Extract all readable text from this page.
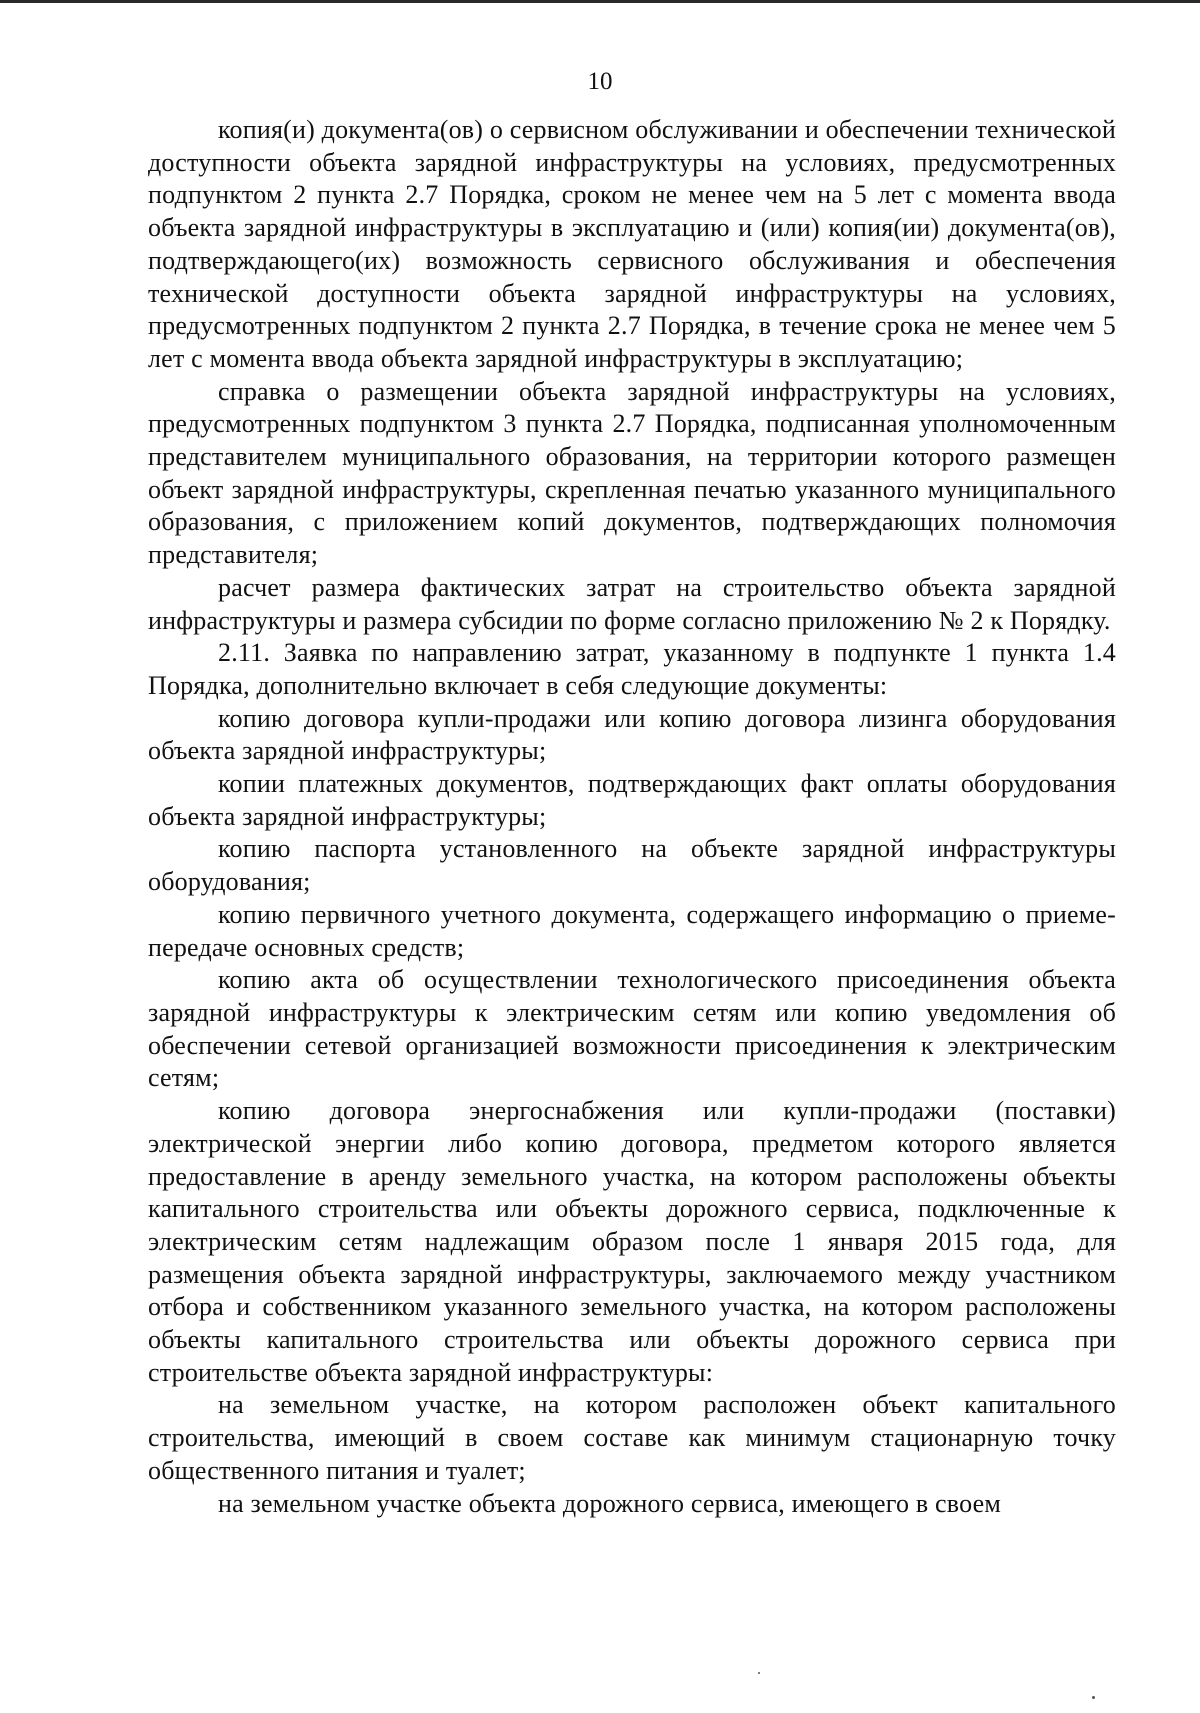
10

копия(и) документа(ов) о сервисном обслуживании и обеспечении технической доступности объекта зарядной инфраструктуры на условиях, предусмотренных подпунктом 2 пункта 2.7 Порядка, сроком не менее чем на 5 лет с момента ввода объекта зарядной инфраструктуры в эксплуатацию и (или) копия(ии) документа(ов), подтверждающего(их) возможность сервисного обслуживания и обеспечения технической доступности объекта зарядной инфраструктуры на условиях, предусмотренных подпунктом 2 пункта 2.7 Порядка, в течение срока не менее чем 5 лет с момента ввода объекта зарядной инфраструктуры в эксплуатацию;

справка о размещении объекта зарядной инфраструктуры на условиях, предусмотренных подпунктом 3 пункта 2.7 Порядка, подписанная уполномоченным представителем муниципального образования, на территории которого размещен объект зарядной инфраструктуры, скрепленная печатью указанного муниципального образования, с приложением копий документов, подтверждающих полномочия представителя;

расчет размера фактических затрат на строительство объекта зарядной инфраструктуры и размера субсидии по форме согласно приложению № 2 к Порядку.

2.11. Заявка по направлению затрат, указанному в подпункте 1 пункта 1.4 Порядка, дополнительно включает в себя следующие документы:

копию договора купли-продажи или копию договора лизинга оборудования объекта зарядной инфраструктуры;

копии платежных документов, подтверждающих факт оплаты оборудования объекта зарядной инфраструктуры;

копию паспорта установленного на объекте зарядной инфраструктуры оборудования;

копию первичного учетного документа, содержащего информацию о приеме-передаче основных средств;

копию акта об осуществлении технологического присоединения объекта зарядной инфраструктуры к электрическим сетям или копию уведомления об обеспечении сетевой организацией возможности присоединения к электрическим сетям;

копию договора энергоснабжения или купли-продажи (поставки) электрической энергии либо копию договора, предметом которого является предоставление в аренду земельного участка, на котором расположены объекты капитального строительства или объекты дорожного сервиса, подключенные к электрическим сетям надлежащим образом после 1 января 2015 года, для размещения объекта зарядной инфраструктуры, заключаемого между участником отбора и собственником указанного земельного участка, на котором расположены объекты капитального строительства или объекты дорожного сервиса при строительстве объекта зарядной инфраструктуры:

на земельном участке, на котором расположен объект капитального строительства, имеющий в своем составе как минимум стационарную точку общественного питания и туалет;

на земельном участке объекта дорожного сервиса, имеющего в своем
